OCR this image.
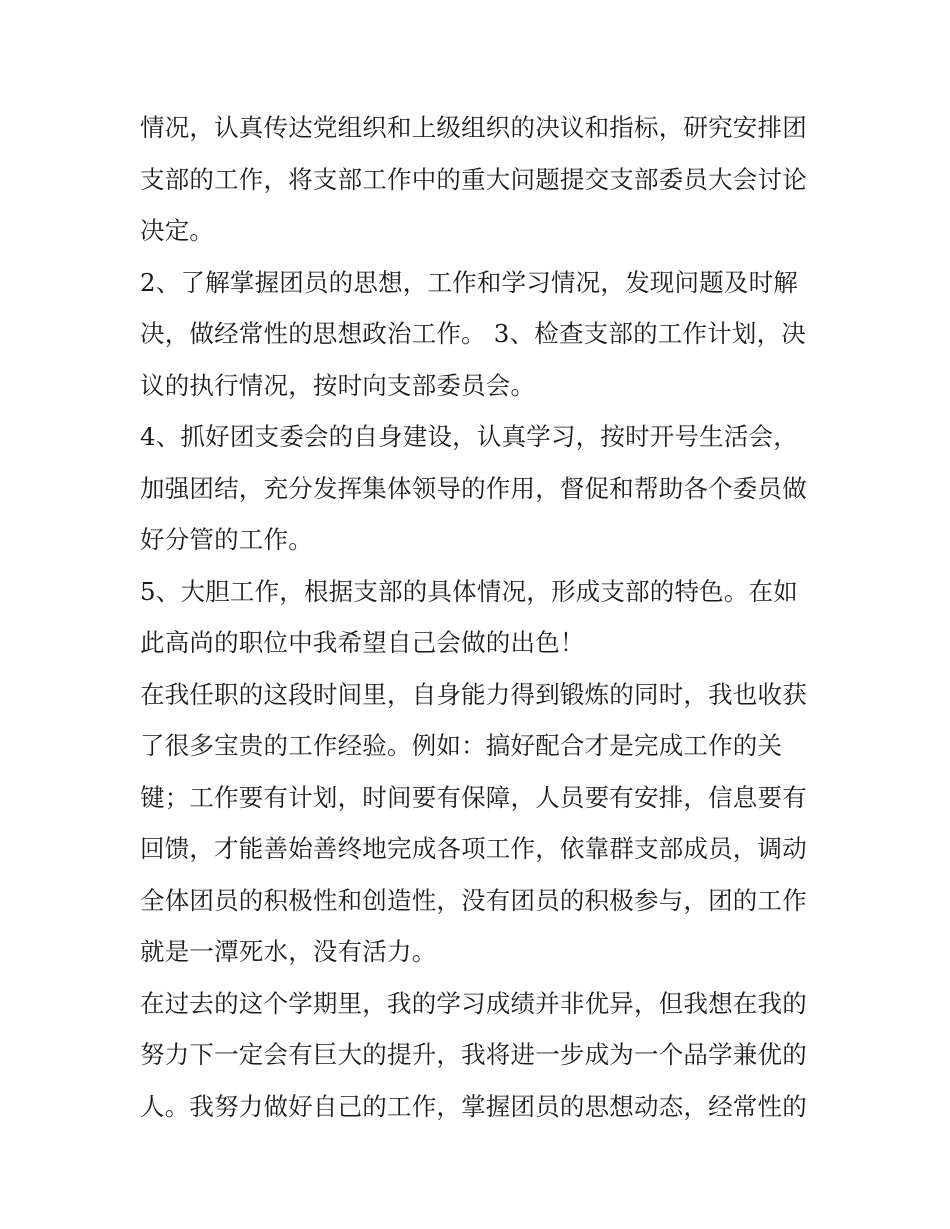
情况，认真传达党组织和上级组织的决议和指标，研究安排团
支部的工作，将支部工作中的重大问题提交支部委员大会讨论
决定。
2、了解掌握团员的思想，工作和学习情况，发现问题及时解
决，做经常性的思想政治工作。 3、检查支部的工作计划，决
议的执行情况，按时向支部委员会。
4、抓好团支委会的自身建设，认真学习，按时开号生活会，
加强团结，充分发挥集体领导的作用，督促和帮助各个委员做
好分管的工作。
5、大胆工作，根据支部的具体情况，形成支部的特色。在如
此高尚的职位中我希望自己会做的出色！
在我任职的这段时间里，自身能力得到锻炼的同时，我也收获
了很多宝贵的工作经验。例如：搞好配合才是完成工作的关
键；工作要有计划，时间要有保障，人员要有安排，信息要有
回馈，才能善始善终地完成各项工作，依靠群支部成员，调动
全体团员的积极性和创造性，没有团员的积极参与，团的工作
就是一潭死水，没有活力。
在过去的这个学期里，我的学习成绩并非优异，但我想在我的
努力下一定会有巨大的提升，我将进一步成为一个品学兼优的
人。我努力做好自己的工作，掌握团员的思想动态，经常性的
